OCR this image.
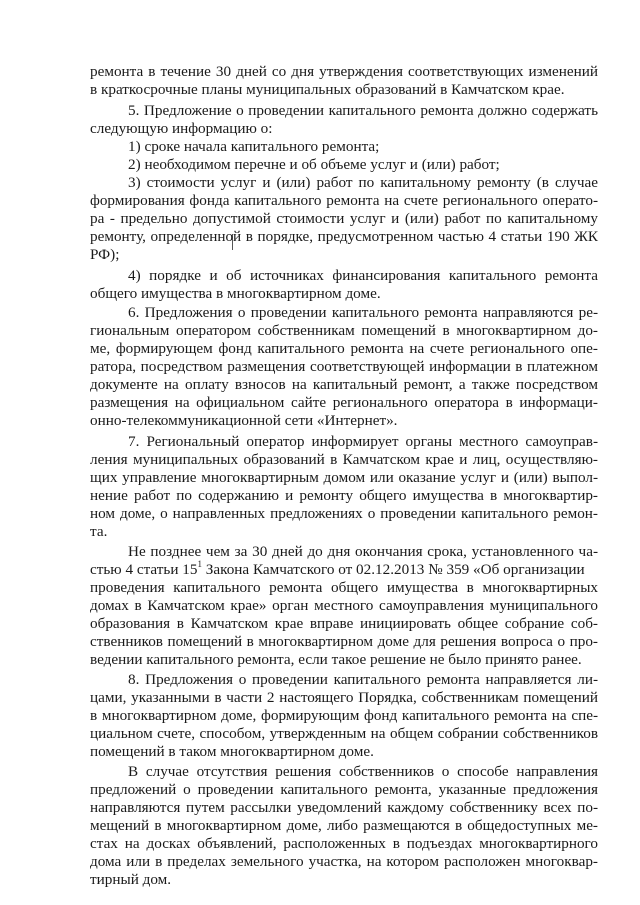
ремонта в течение 30 дней со дня утверждения соответствующих изменений
в краткосрочные планы муниципальных образований в Камчатском крае.
5. Предложение о проведении капитального ремонта должно содержать
следующую информацию о:
1) сроке начала капитального ремонта;
2) необходимом перечне и об объеме услуг и (или) работ;
3) стоимости услуг и (или) работ по капитальному ремонту (в случае
формирования фонда капитального ремонта на счете регионального операто-
ра - предельно допустимой стоимости услуг и (или) работ по капитальному
ремонту, определенной в порядке, предусмотренном частью 4 статьи 190 ЖК
РФ);
4) порядке и об источниках финансирования капитального ремонта
общего имущества в многоквартирном доме.
6. Предложения о проведении капитального ремонта направляются ре-
гиональным оператором собственникам помещений в многоквартирном до-
ме, формирующем фонд капитального ремонта на счете регионального опе-
ратора, посредством размещения соответствующей информации в платежном
документе на оплату взносов на капитальный ремонт, а также посредством
размещения на официальном сайте регионального оператора в информаци-
онно-телекоммуникационной сети «Интернет».
7. Региональный оператор информирует органы местного самоуправ-
ления муниципальных образований в Камчатском крае и лиц, осуществляю-
щих управление многоквартирным домом или оказание услуг и (или) выпол-
нение работ по содержанию и ремонту общего имущества в многоквартир-
ном доме, о направленных предложениях о проведении капитального ремон-
та.
Не позднее чем за 30 дней до дня окончания срока, установленного ча-
стью 4 статьи $15^1$ Закона Камчатского от 02.12.2013 № 359 «Об организации
проведения капитального ремонта общего имущества в многоквартирных
домах в Камчатском крае» орган местного самоуправления муниципального
образования в Камчатском крае вправе инициировать общее собрание соб-
ственников помещений в многоквартирном доме для решения вопроса о про-
ведении капитального ремонта, если такое решение не было принято ранее.
8. Предложения о проведении капитального ремонта направляется ли-
цами, указанными в части 2 настоящего Порядка, собственникам помещений
в многоквартирном доме, формирующим фонд капитального ремонта на спе-
циальном счете, способом, утвержденным на общем собрании собственников
помещений в таком многоквартирном доме.
В случае отсутствия решения собственников о способе направления
предложений о проведении капитального ремонта, указанные предложения
направляются путем рассылки уведомлений каждому собственнику всех по-
мещений в многоквартирном доме, либо размещаются в общедоступных ме-
стах на досках объявлений, расположенных в подъездах многоквартирного
дома или в пределах земельного участка, на котором расположен многоквар-
тирный дом.
